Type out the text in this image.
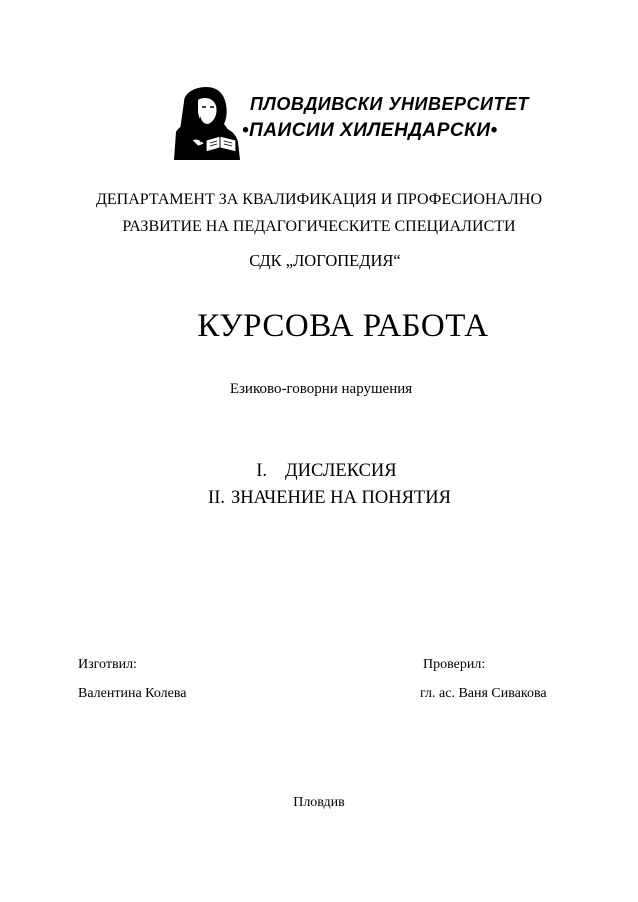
ПЛОВДИВСКИ УНИВЕРСИТЕТ
•ПАИСИИ ХИЛЕНДАРСКИ•
ДЕПАРТАМЕНТ ЗА КВАЛИФИКАЦИЯ И ПРОФЕСИОНАЛНО
РАЗВИТИЕ НА ПЕДАГОГИЧЕСКИТЕ СПЕЦИАЛИСТИ
СДК „ЛОГОПЕДИЯ“
КУРСОВА РАБОТА
Езиково-говорни нарушения
I. ДИСЛЕКСИЯ
II. ЗНАЧЕНИЕ НА ПОНЯТИЯ
Изготвил:
Валентина Колева
Проверил:
гл. ас. Ваня Сивакова
Пловдив
